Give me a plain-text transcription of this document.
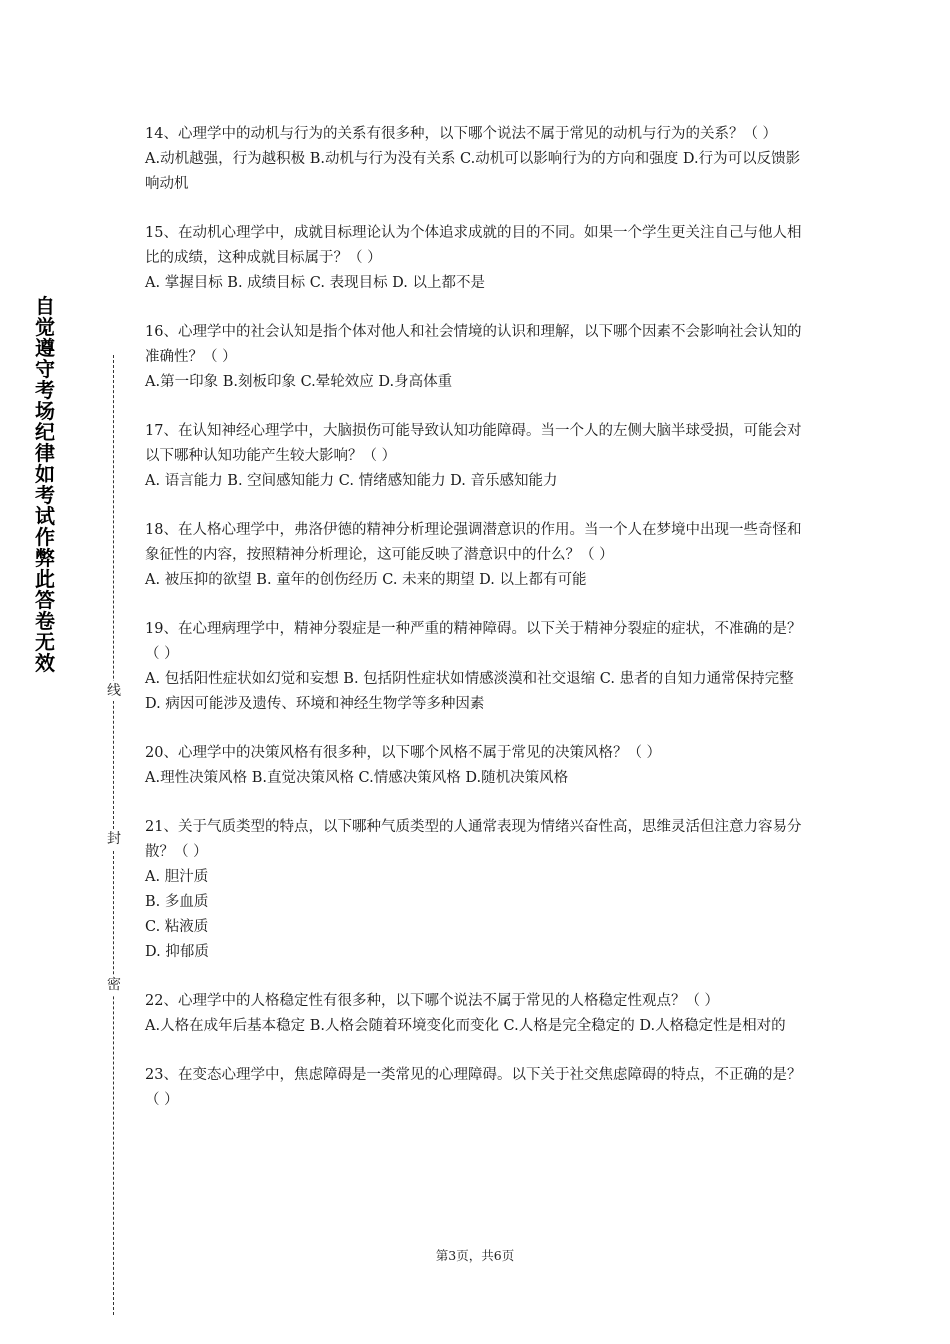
自觉遵守考场纪律如考试作弊此答卷无效
线
封
密

14、心理学中的动机与行为的关系有很多种，以下哪个说法不属于常见的动机与行为的关系？（ ）

A.动机越强，行为越积极 B.动机与行为没有关系 C.动机可以影响行为的方向和强度 D.行为可以反馈影响动机

15、在动机心理学中，成就目标理论认为个体追求成就的目的不同。如果一个学生更关注自己与他人相比的成绩，这种成就目标属于？（ ）

A. 掌握目标 B. 成绩目标 C. 表现目标 D. 以上都不是

16、心理学中的社会认知是指个体对他人和社会情境的认识和理解，以下哪个因素不会影响社会认知的准确性？（ ）

A.第一印象 B.刻板印象 C.晕轮效应 D.身高体重

17、在认知神经心理学中，大脑损伤可能导致认知功能障碍。当一个人的左侧大脑半球受损，可能会对以下哪种认知功能产生较大影响？（ ）

A. 语言能力 B. 空间感知能力 C. 情绪感知能力 D. 音乐感知能力

18、在人格心理学中，弗洛伊德的精神分析理论强调潜意识的作用。当一个人在梦境中出现一些奇怪和象征性的内容，按照精神分析理论，这可能反映了潜意识中的什么？（ ）

A. 被压抑的欲望 B. 童年的创伤经历 C. 未来的期望 D. 以上都有可能

19、在心理病理学中，精神分裂症是一种严重的精神障碍。以下关于精神分裂症的症状，不准确的是？（ ）

A. 包括阳性症状如幻觉和妄想 B. 包括阴性症状如情感淡漠和社交退缩 C. 患者的自知力通常保持完整 D. 病因可能涉及遗传、环境和神经生物学等多种因素

20、心理学中的决策风格有很多种，以下哪个风格不属于常见的决策风格？（ ）

A.理性决策风格 B.直觉决策风格 C.情感决策风格 D.随机决策风格

21、关于气质类型的特点，以下哪种气质类型的人通常表现为情绪兴奋性高，思维灵活但注意力容易分散？（ ）

A. 胆汁质

B. 多血质

C. 粘液质

D. 抑郁质

22、心理学中的人格稳定性有很多种，以下哪个说法不属于常见的人格稳定性观点？（ ）

A.人格在成年后基本稳定 B.人格会随着环境变化而变化 C.人格是完全稳定的 D.人格稳定性是相对的

23、在变态心理学中，焦虑障碍是一类常见的心理障碍。以下关于社交焦虑障碍的特点，不正确的是？（ ）

第3页，共6页
